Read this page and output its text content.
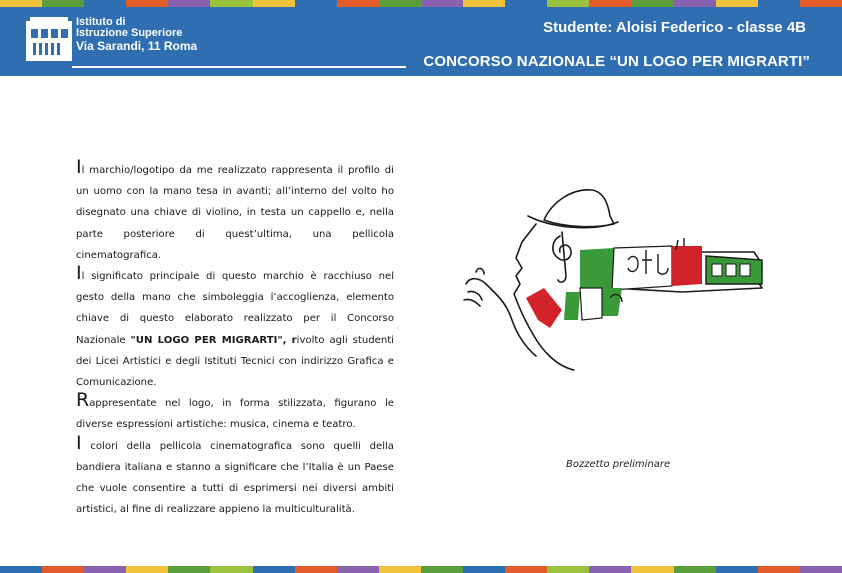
Istituto di
Istruzione Superiore
Via Sarandi, 11 Roma
Studente: Aloisi Federico - classe 4B
CONCORSO NAZIONALE “UN LOGO PER MIGRARTI”

Il marchio/logotipo da me realizzato rappresenta il profilo di un uomo con la mano tesa in avanti; all’interno del volto ho disegnato una chiave di violino, in testa un cappello e, nella parte posteriore di quest’ultima, una pellicola cinematografica.

Il significato principale di questo marchio è racchiuso nel gesto della mano che simboleggia l’accoglienza, elemento chiave di questo elaborato realizzato per il Concorso Nazionale "UN LOGO PER MIGRARTI", rivolto agli studenti dei Licei Artistici e degli Istituti Tecnici con indirizzo Grafica e Comunicazione.

Rappresentate nel logo, in forma stilizzata, figurano le diverse espressioni artistiche: musica, cinema e teatro.

I colori della pellicola cinematografica sono quelli della bandiera italiana e stanno a significare che l’Italia è un Paese che vuole consentire a tutti di esprimersi nei diversi ambiti artistici, al fine di realizzare appieno la multiculturalità.

Bozzetto preliminare
